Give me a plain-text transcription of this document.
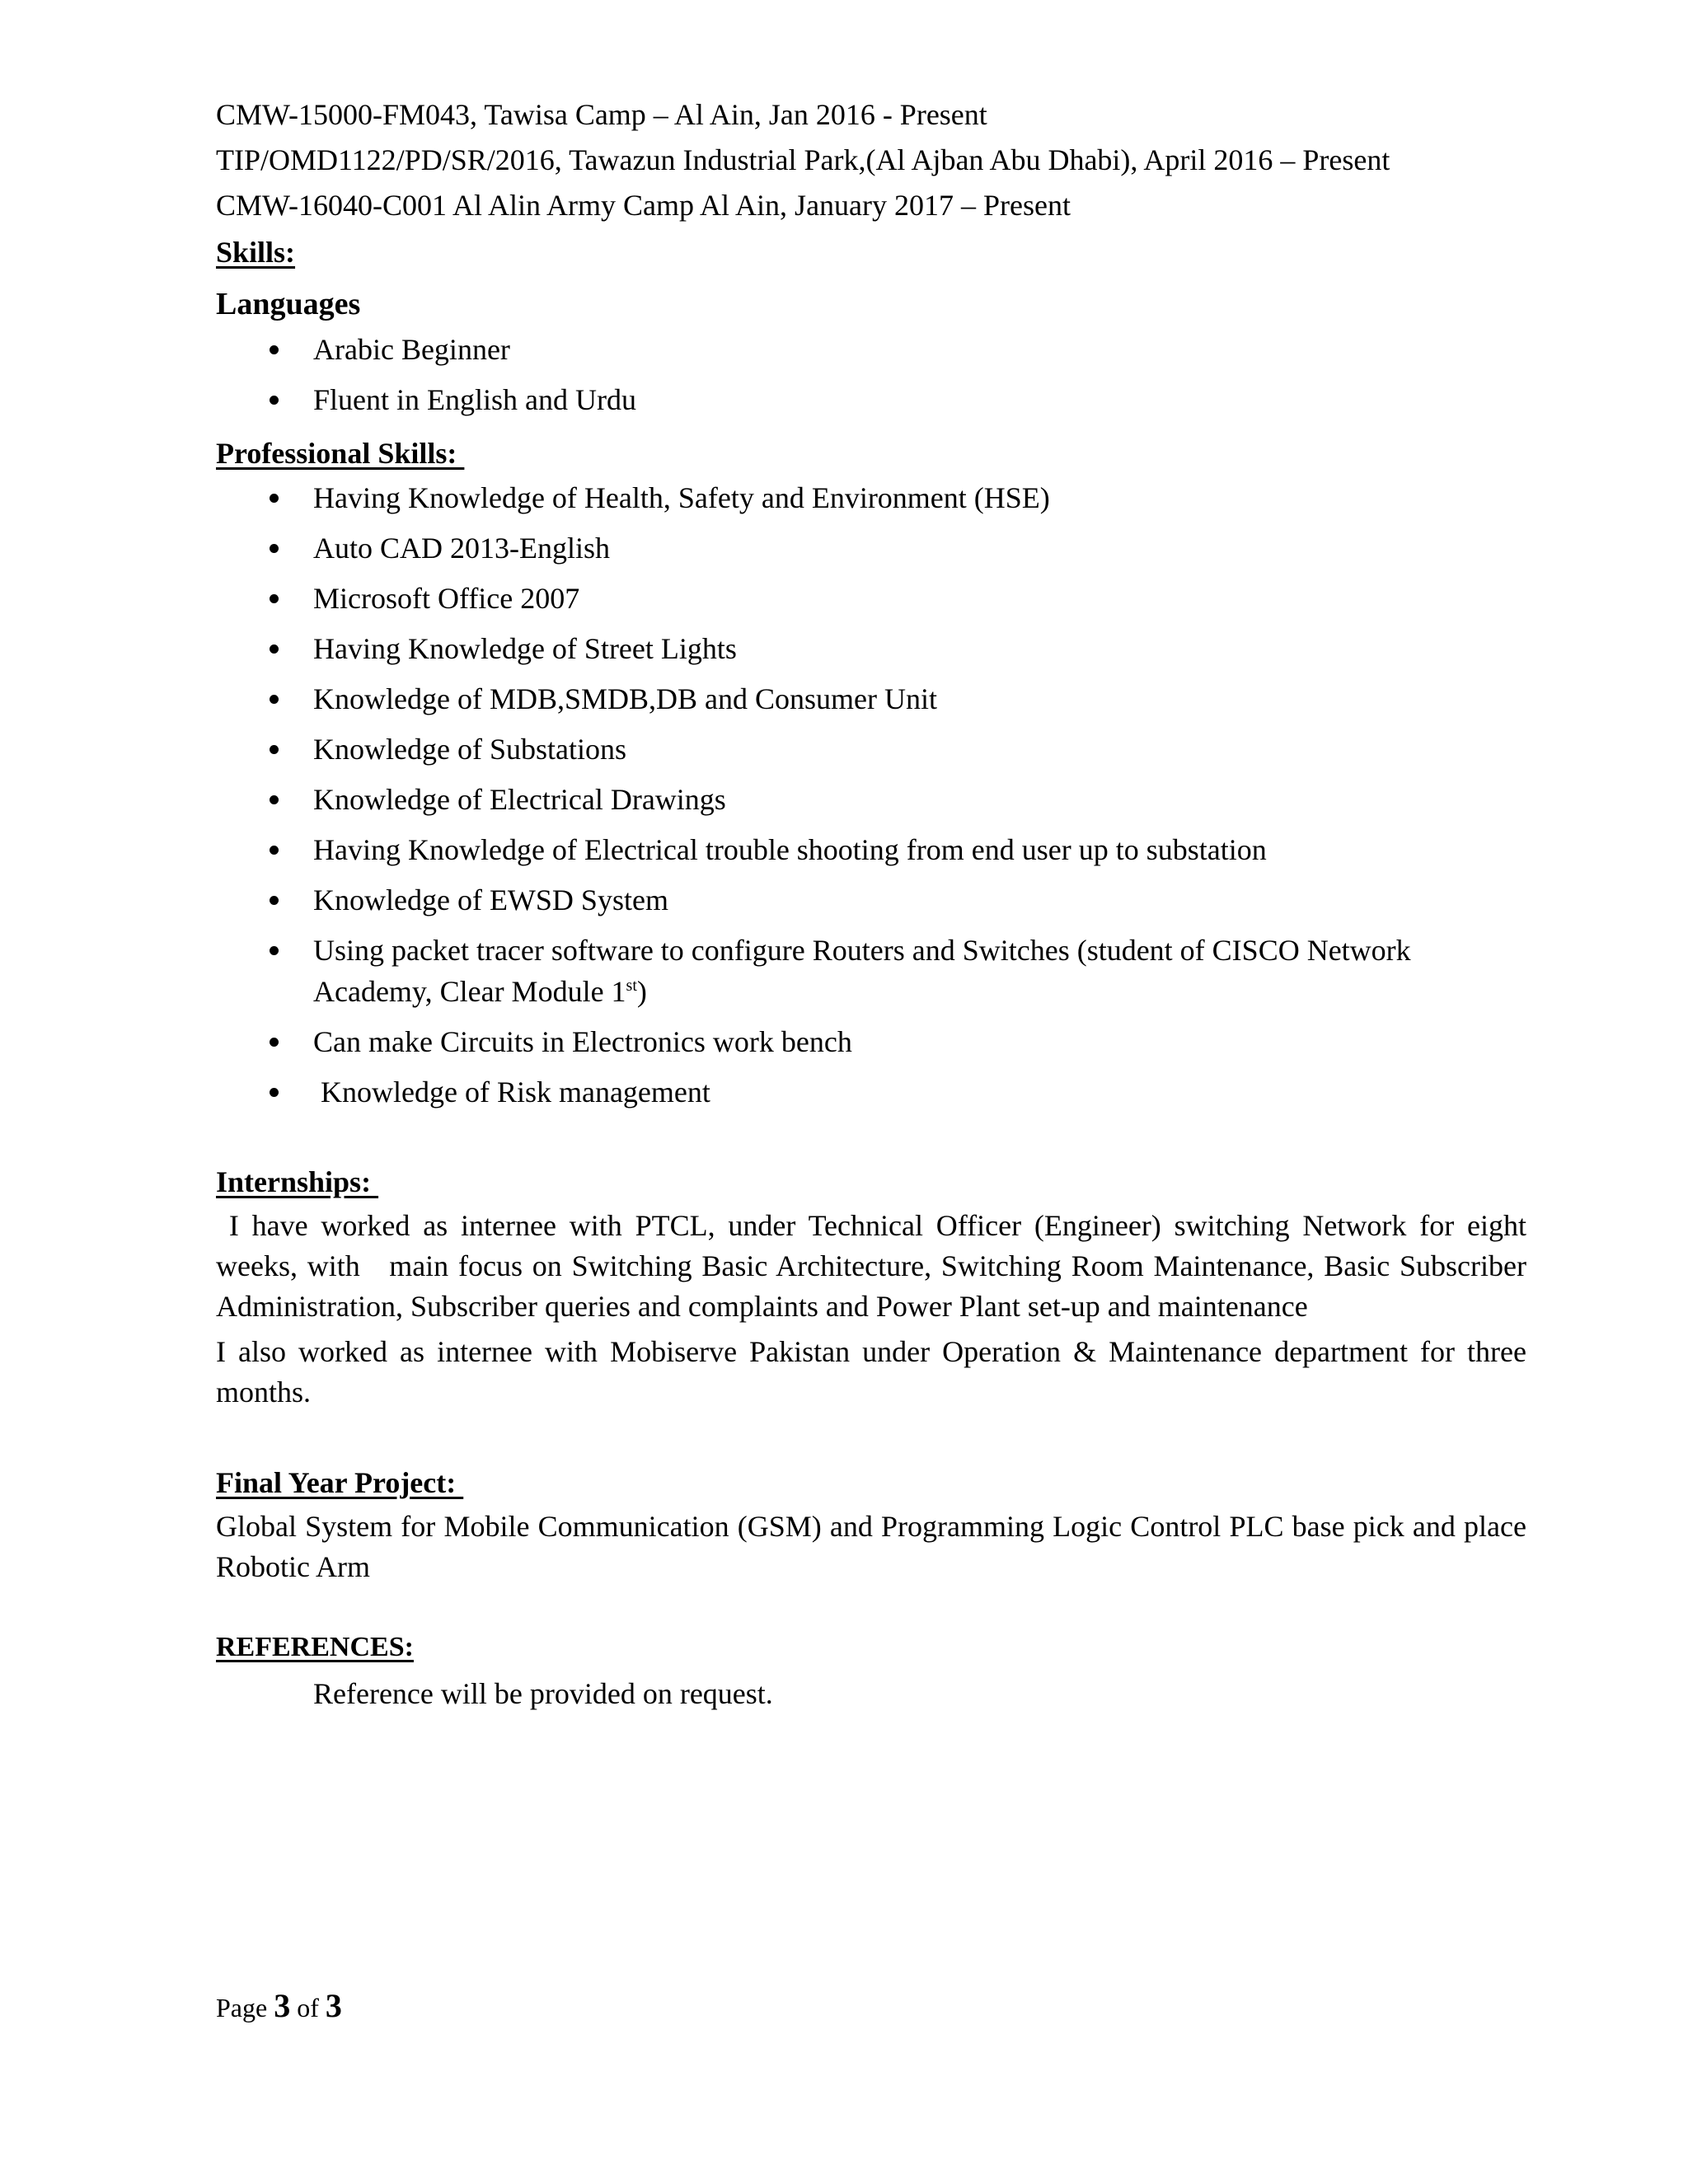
CMW-15000-FM043, Tawisa Camp – Al Ain, Jan 2016 - Present

TIP/OMD1122/PD/SR/2016, Tawazun Industrial Park,(Al Ajban Abu Dhabi), April 2016 – Present

CMW-16040-C001 Al Alin Army Camp Al Ain, January 2017 – Present

Skills:
Languages
Arabic Beginner
Fluent in English and Urdu
Professional Skills:
Having Knowledge of Health, Safety and Environment (HSE)
Auto CAD 2013-English
Microsoft Office 2007
Having Knowledge of Street Lights
Knowledge of MDB,SMDB,DB and Consumer Unit
Knowledge of Substations
Knowledge of Electrical Drawings
Having Knowledge of Electrical trouble shooting from end user up to substation
Knowledge of EWSD System
Using packet tracer software to configure Routers and Switches (student of CISCO Network
Academy, Clear Module 1st)
Can make Circuits in Electronics work bench
Knowledge of Risk management
Internships:

I have worked as internee with PTCL, under Technical Officer (Engineer) switching Network for eight weeks, with   main focus on Switching Basic Architecture, Switching Room Maintenance, Basic Subscriber Administration, Subscriber queries and complaints and Power Plant set-up and maintenance

I also worked as internee with Mobiserve Pakistan under Operation & Maintenance department for three months.

Final Year Project:

Global System for Mobile Communication (GSM) and Programming Logic Control PLC base pick and place Robotic Arm

REFERENCES:

Reference will be provided on request.

Page 3 of 3
